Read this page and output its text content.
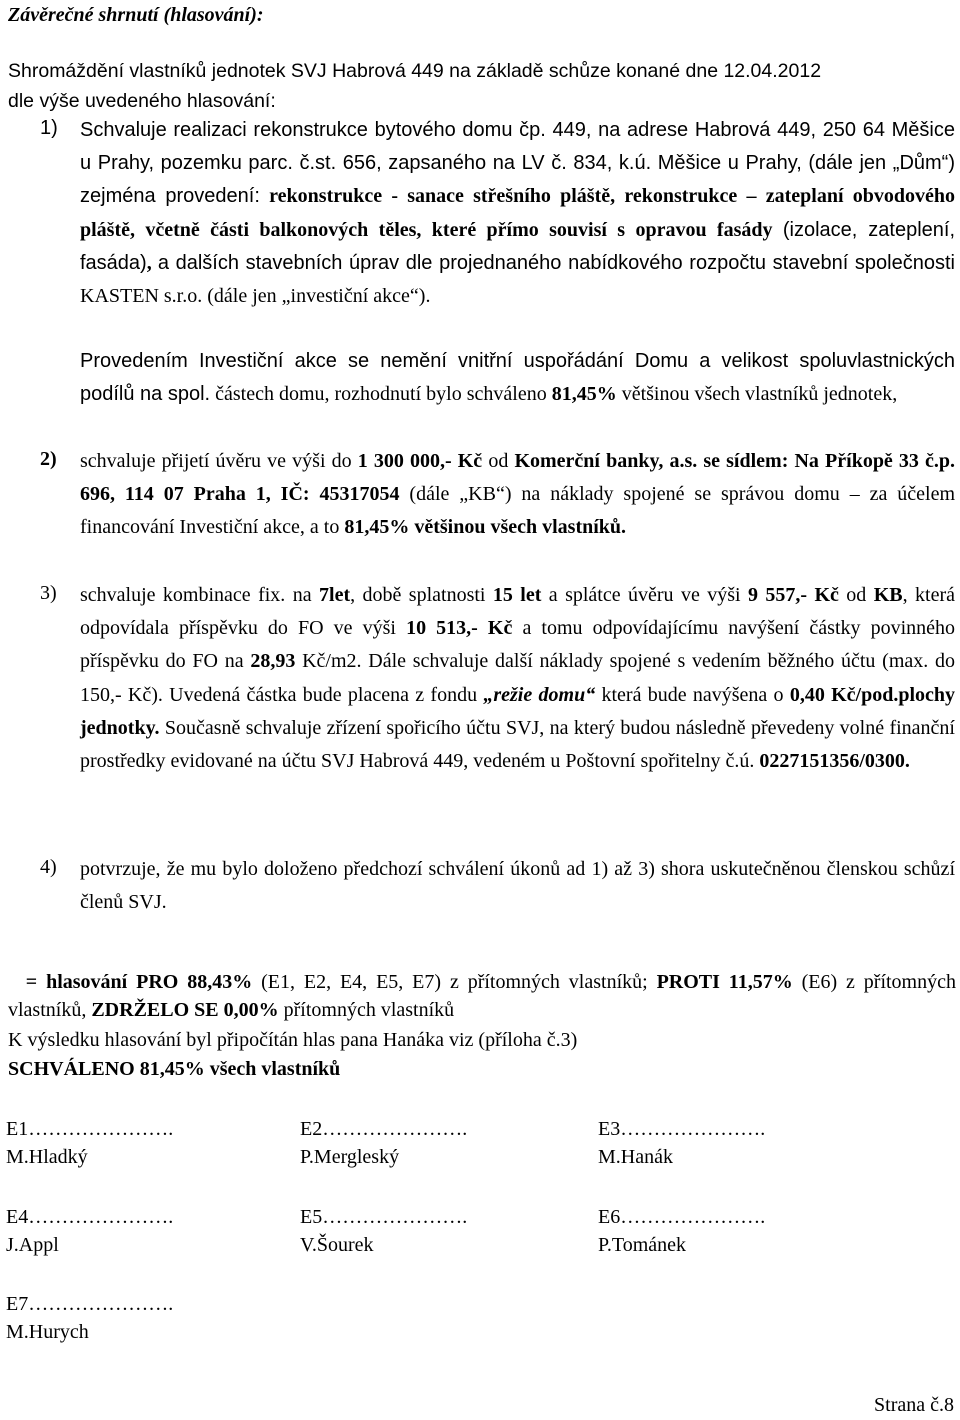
Závěrečné shrnutí (hlasování):
Shromáždění vlastníků jednotek SVJ Habrová 449 na základě schůze konané dne 12.04.2012
dle výše uvedeného hlasování:
1) Schvaluje realizaci rekonstrukce bytového domu čp. 449, na adrese Habrová 449, 250 64 Měšice u Prahy, pozemku parc. č.st. 656, zapsaného na LV č. 834, k.ú. Měšice u Prahy, (dále jen „Dům“) zejména provedení: rekonstrukce - sanace střešního pláště, rekonstrukce – zateplaní obvodového pláště, včetně části balkonových těles, které přímo souvisí s opravou fasády (izolace, zateplení, fasáda), a dalších stavebních úprav dle projednaného nabídkového rozpočtu stavební společnosti KASTEN s.r.o. (dále jen „investiční akce“).
Provedením Investiční akce se nemění vnitřní uspořádání Domu a velikost spoluvlastnických podílů na spol. částech domu, rozhodnutí bylo schváleno 81,45% většinou všech vlastníků jednotek,
2) schvaluje přijetí úvěru ve výši do 1 300 000,- Kč od Komerční banky, a.s. se sídlem: Na Příkopě 33 č.p. 696, 114 07 Praha 1, IČ: 45317054 (dále „KB“) na náklady spojené se správou domu – za účelem financování Investiční akce, a to 81,45% většinou všech vlastníků.
3) schvaluje kombinace fix. na 7let, době splatnosti 15 let a splátce úvěru ve výši 9 557,- Kč od KB, která odpovídala příspěvku do FO ve výši 10 513,- Kč a tomu odpovídajícímu navýšení částky povinného příspěvku do FO na 28,93 Kč/m2. Dále schvaluje další náklady spojené s vedením běžného účtu (max. do 150,- Kč). Uvedená částka bude placena z fondu „režie domu“ která bude navýšena o 0,40 Kč/pod.plochy jednotky. Současně schvaluje zřízení spořicího účtu SVJ, na který budou následně převedeny volné finanční prostředky evidované na účtu SVJ Habrová 449, vedeném u Poštovní spořitelny č.ú. 0227151356/0300.
4) potvrzuje, že mu bylo doloženo předchozí schválení úkonů ad 1) až 3) shora uskutečněnou členskou schůzí členů SVJ.
= hlasování PRO 88,43% (E1, E2, E4, E5, E7) z přítomných vlastníků; PROTI 11,57% (E6) z přítomných vlastníků, ZDRŽELO SE 0,00% přítomných vlastníků
K výsledku hlasování byl připočítán hlas pana Hanáka viz (příloha č.3)
SCHVÁLENO 81,45% všech vlastníků
E1………………….
M.Hladký
E2………………….
P.Mergleský
E3………………….
M.Hanák
E4………………….
J.Appl
E5………………….
V.Šourek
E6………………….
P.Tománek
E7………………….
M.Hurych
Strana č.8
